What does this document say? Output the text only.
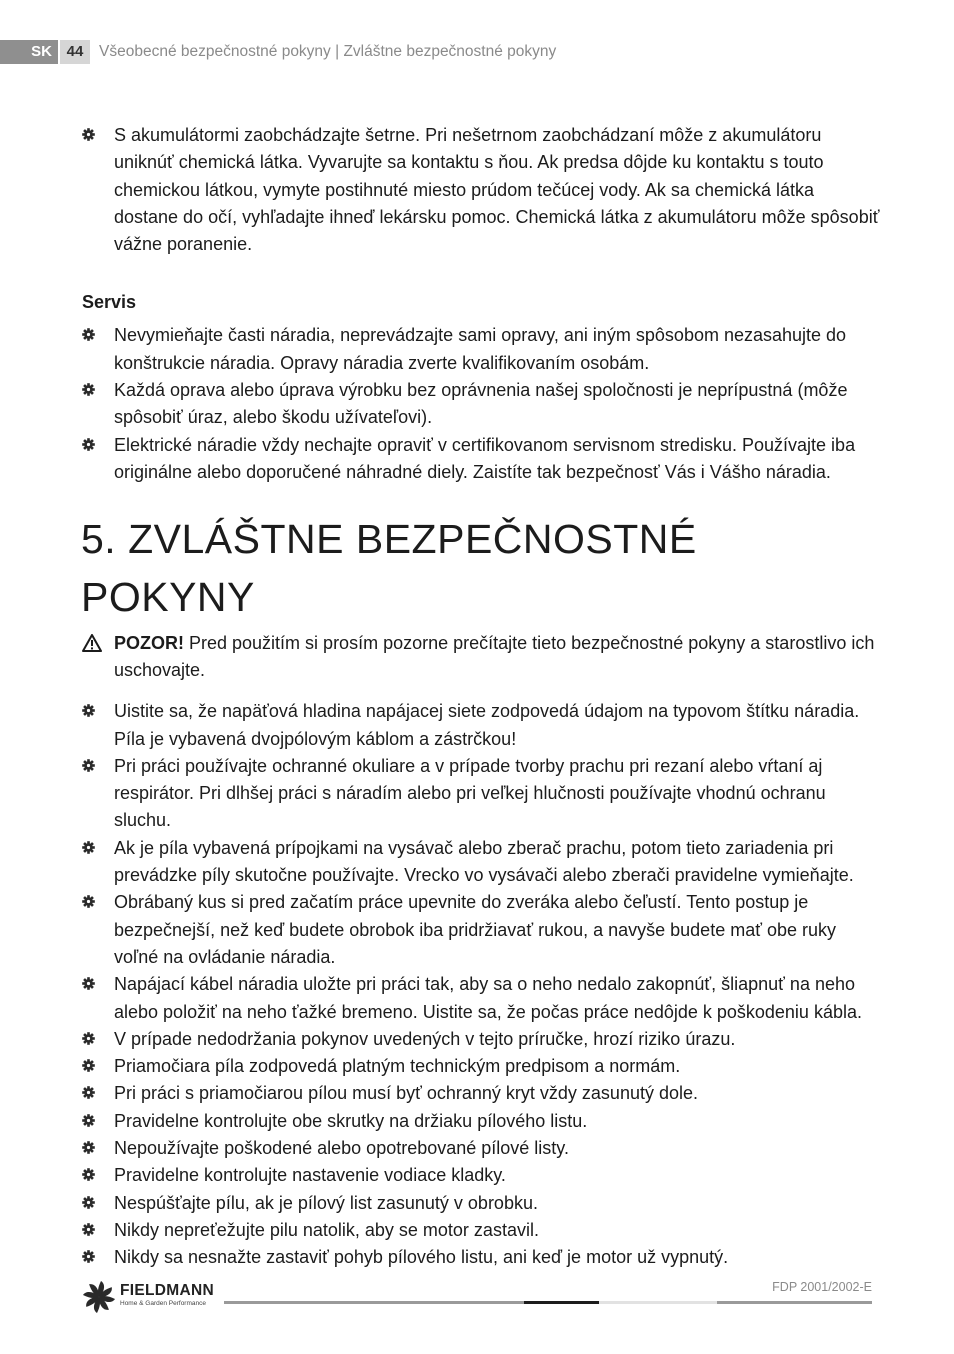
SK 44	Všeobecné bezpečnostné pokyny | Zvláštne bezpečnostné pokyny
S akumulátormi zaobchádzajte šetrne. Pri nešetrnom zaobchádzaní môže z akumulátoru uniknúť chemická látka. Vyvarujte sa kontaktu s ňou. Ak predsa dôjde ku kontaktu s touto chemickou látkou, vymyte postihnuté miesto prúdom tečúcej vody. Ak sa chemická látka dostane do očí, vyhľadajte ihneď lekársku pomoc. Chemická látka z akumulátoru môže spôsobiť vážne poranenie.
Servis
Nevymieňajte časti náradia, neprevádzajte sami opravy, ani iným spôsobom nezasahujte do konštrukcie náradia. Opravy náradia zverte kvalifikovaním osobám.
Každá oprava alebo úprava výrobku bez oprávnenia našej spoločnosti je neprípustná (môže spôsobiť úraz, alebo škodu užívateľovi).
Elektrické náradie vždy nechajte opraviť v certifikovanom servisnom stredisku. Používajte iba originálne alebo doporučené náhradné diely. Zaistíte tak bezpečnosť Vás i Vášho náradia.
5. ZVLÁŠTNE BEZPEČNOSTNÉ POKYNY
POZOR! Pred použitím si prosím pozorne prečítajte tieto bezpečnostné pokyny a starostlivo ich uschovajte.
Uistite sa, že napäťová hladina napájacej siete zodpovedá údajom na typovom štítku náradia. Píla je vybavená dvojpólovým káblom a zástrčkou!
Pri práci používajte ochranné okuliare a v prípade tvorby prachu pri rezaní alebo vŕtaní aj respirátor. Pri dlhšej práci s náradím alebo pri veľkej hlučnosti používajte vhodnú ochranu sluchu.
Ak je píla vybavená prípojkami na vysávač alebo zberač prachu, potom tieto zariadenia pri prevádzke píly skutočne používajte. Vrecko vo vysávači alebo zberači pravidelne vymieňajte.
Obrábaný kus si pred začatím práce upevnite do zveráka alebo čeľustí. Tento postup je bezpečnejší, než keď budete obrobok iba pridržiavať rukou, a navyše budete mať obe ruky voľné na ovládanie náradia.
Napájací kábel náradia uložte pri práci tak, aby sa o neho nedalo zakopnúť, šliapnuť na neho alebo položiť na neho ťažké bremeno. Uistite sa, že počas práce nedôjde k poškodeniu kábla.
V prípade nedodržania pokynov uvedených v tejto príručke, hrozí riziko úrazu.
Priamočiara píla zodpovedá platným technickým predpisom a normám.
Pri práci s priamočiarou pílou musí byť ochranný kryt vždy zasunutý dole.
Pravidelne kontrolujte obe skrutky na držiaku pílového listu.
Nepoužívajte poškodené alebo opotrebované pílové listy.
Pravidelne kontrolujte nastavenie vodiace kladky.
Nespúšťajte pílu, ak je pílový list zasunutý v obrobku.
Nikdy nepreťežujte pilu natolik, aby se motor zastavil.
Nikdy sa nesnažte zastaviť pohyb pílového listu, ani keď je motor už vypnutý.
FIELDMANN
Home & Garden Performance
FDP 2001/2002-E
